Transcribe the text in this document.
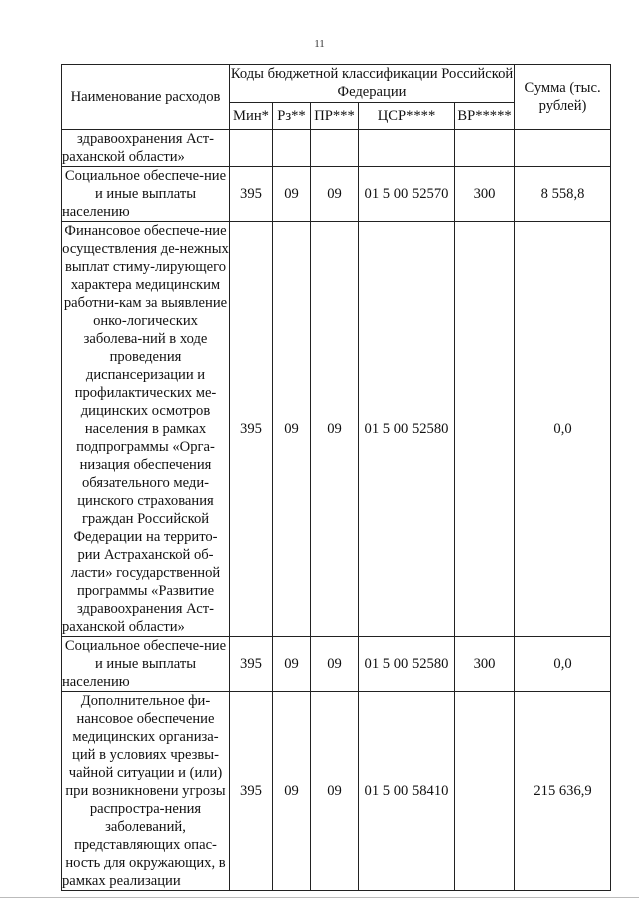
11
Наименование расходов	Коды бюджетной классификации Российской Федерации					Сумма (тыс. рублей)
	Мин*	Рз**	ПР***	ЦСР****	ВР*****	
здравоохранения Аст-раханской области»						
Социальное обеспече-ние и иные выплаты населению	395	09	09	01 5 00 52570	300	8 558,8
Финансовое обеспече-ние осуществления де-нежных выплат стиму-лирующего характера медицинским работни-кам за выявление онко-логических заболева-ний в ходе проведения диспансеризации и профилактических ме-дицинских осмотров населения в рамках подпрограммы «Орга-низация обеспечения обязательного меди-цинского страхования граждан Российской Федерации на террито-рии Астраханской об-ласти» государственной программы «Развитие здравоохранения Аст-раханской области»	395	09	09	01 5 00 52580		0,0
Социальное обеспече-ние и иные выплаты населению	395	09	09	01 5 00 52580	300	0,0
Дополнительное фи-нансовое обеспечение медицинских организа-ций в условиях чрезвы-чайной ситуации и (или) при возникновени угрозы распростра-нения заболеваний, представляющих опас-ность для окружающих, в рамках реализации	395	09	09	01 5 00 58410		215 636,9
